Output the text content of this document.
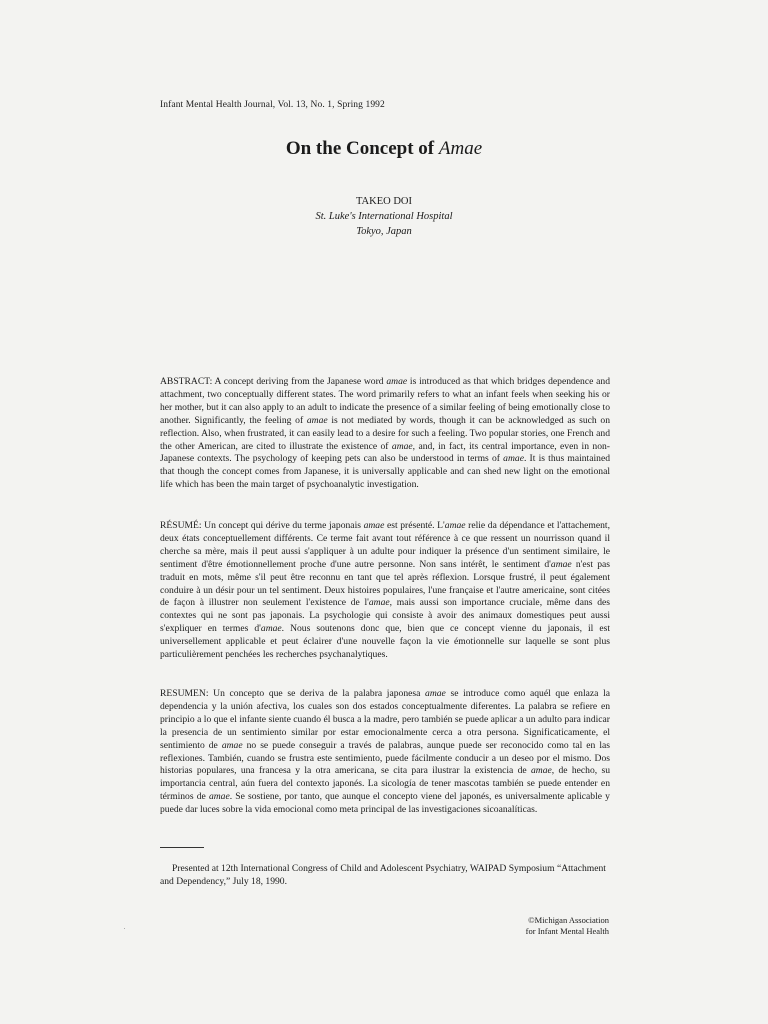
Infant Mental Health Journal, Vol. 13, No. 1, Spring 1992
On the Concept of Amae
TAKEO DOI
St. Luke's International Hospital
Tokyo, Japan

ABSTRACT: A concept deriving from the Japanese word amae is introduced as that which bridges dependence and attachment, two conceptually different states. The word primarily refers to what an infant feels when seeking his or her mother, but it can also apply to an adult to indicate the presence of a similar feeling of being emotionally close to another. Significantly, the feeling of amae is not mediated by words, though it can be acknowledged as such on reflection. Also, when frustrated, it can easily lead to a desire for such a feeling. Two popular stories, one French and the other American, are cited to illustrate the existence of amae, and, in fact, its central importance, even in non-Japanese contexts. The psychology of keeping pets can also be understood in terms of amae. It is thus maintained that though the concept comes from Japanese, it is universally applicable and can shed new light on the emotional life which has been the main target of psychoanalytic investigation.

RÉSUMÉ: Un concept qui dérive du terme japonais amae est présenté. L'amae relie da dépendance et l'attachement, deux états conceptuellement différents. Ce terme fait avant tout référence à ce que ressent un nourrisson quand il cherche sa mère, mais il peut aussi s'appliquer à un adulte pour indiquer la présence d'un sentiment similaire, le sentiment d'être émotionnellement proche d'une autre personne. Non sans intérêt, le sentiment d'amae n'est pas traduit en mots, même s'il peut être reconnu en tant que tel après réflexion. Lorsque frustré, il peut également conduire à un désir pour un tel sentiment. Deux histoires populaires, l'une française et l'autre americaine, sont citées de façon à illustrer non seulement l'existence de l'amae, mais aussi son importance cruciale, même dans des contextes qui ne sont pas japonais. La psychologie qui consiste à avoir des animaux domestiques peut aussi s'expliquer en termes d'amae. Nous soutenons donc que, bien que ce concept vienne du japonais, il est universellement applicable et peut éclairer d'une nouvelle façon la vie émotionnelle sur laquelle se sont plus particulièrement penchées les recherches psychanalytiques.

RESUMEN: Un concepto que se deriva de la palabra japonesa amae se introduce como aquél que enlaza la dependencia y la unión afectiva, los cuales son dos estados conceptualmente diferentes. La palabra se refiere en principio a lo que el infante siente cuando él busca a la madre, pero también se puede aplicar a un adulto para indicar la presencia de un sentimiento similar por estar emocionalmente cerca a otra persona. Significaticamente, el sentimiento de amae no se puede conseguir a través de palabras, aunque puede ser reconocido como tal en las reflexiones. También, cuando se frustra este sentimiento, puede fácilmente conducir a un deseo por el mismo. Dos historias populares, una francesa y la otra americana, se cita para ilustrar la existencia de amae, de hecho, su importancia central, aún fuera del contexto japonés. La sicología de tener mascotas también se puede entender en términos de amae. Se sostiene, por tanto, que aunque el concepto viene del japonés, es universalmente aplicable y puede dar luces sobre la vida emocional como meta principal de las investigaciones sicoanalíticas.

Presented at 12th International Congress of Child and Adolescent Psychiatry, WAIPAD Symposium “Attachment and Dependency,” July 18, 1990.

©Michigan Association
for Infant Mental Health
